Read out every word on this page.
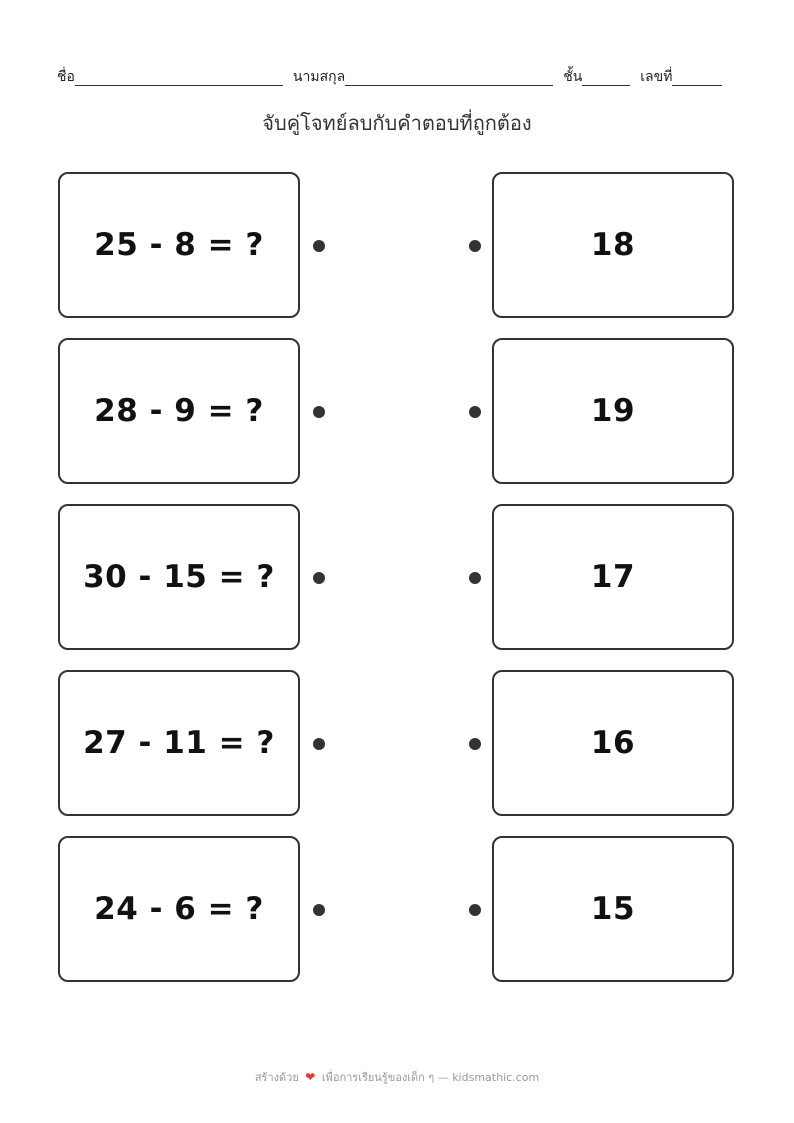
ชื่อ	นามสกุล	ชั้น	เลขที่
จับคู่โจทย์ลบกับคำตอบที่ถูกต้อง
25 - 8 = ?	18
28 - 9 = ?	19
30 - 15 = ?	17
27 - 11 = ?	16
24 - 6 = ?	15
สร้างด้วย ❤ เพื่อการเรียนรู้ของเด็ก ๆ — kidsmathic.com
